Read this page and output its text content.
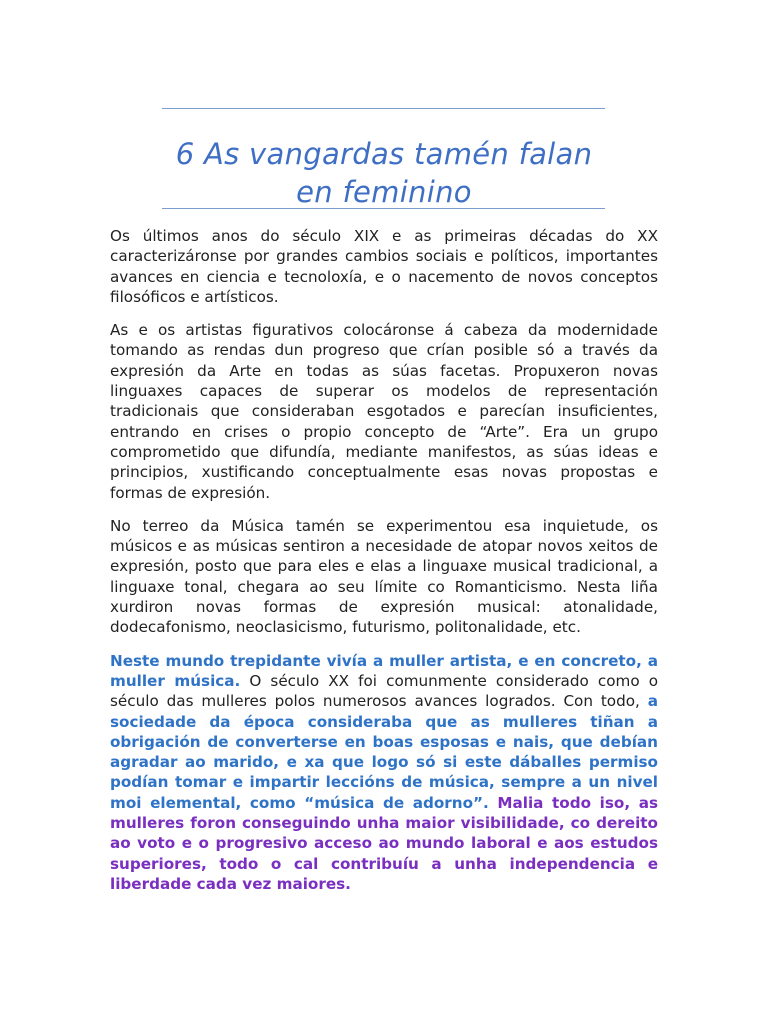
6 As vangardas tamén falan
en feminino

Os últimos anos do século XIX e as primeiras décadas do XX caracterizáronse por grandes cambios sociais e políticos, importantes avances en ciencia e tecnoloxía, e o nacemento de novos conceptos filosóficos e artísticos.

As e os artistas figurativos colocáronse á cabeza da modernidade tomando as rendas dun progreso que crían posible só a través da expresión da Arte en todas as súas facetas. Propuxeron novas linguaxes capaces de superar os modelos de representación tradicionais que consideraban esgotados e parecían insuficientes, entrando en crises o propio concepto de “Arte”. Era un grupo comprometido que difundía, mediante manifestos, as súas ideas e principios, xustificando conceptualmente esas novas propostas e formas de expresión.

No terreo da Música tamén se experimentou esa inquietude, os músicos e as músicas sentiron a necesidade de atopar novos xeitos de expresión, posto que para eles e elas a linguaxe musical tradicional, a linguaxe tonal, chegara ao seu límite co Romanticismo. Nesta liña xurdiron novas formas de expresión musical: atonalidade, dodecafonismo, neoclasicismo, futurismo, politonalidade, etc.

Neste mundo trepidante vivía a muller artista, e en concreto, a muller música. O século XX foi comunmente considerado como o século das mulleres polos numerosos avances logrados. Con todo, a sociedade da época consideraba que as mulleres tiñan a obrigación de converterse en boas esposas e nais, que debían agradar ao marido, e xa que logo só si este dáballes permiso podían tomar e impartir leccións de música, sempre a un nivel moi elemental, como “música de adorno”. Malia todo iso, as mulleres foron conseguindo unha maior visibilidade, co dereito ao voto e o progresivo acceso ao mundo laboral e aos estudos superiores, todo o cal contribuíu a unha independencia e liberdade cada vez maiores.
